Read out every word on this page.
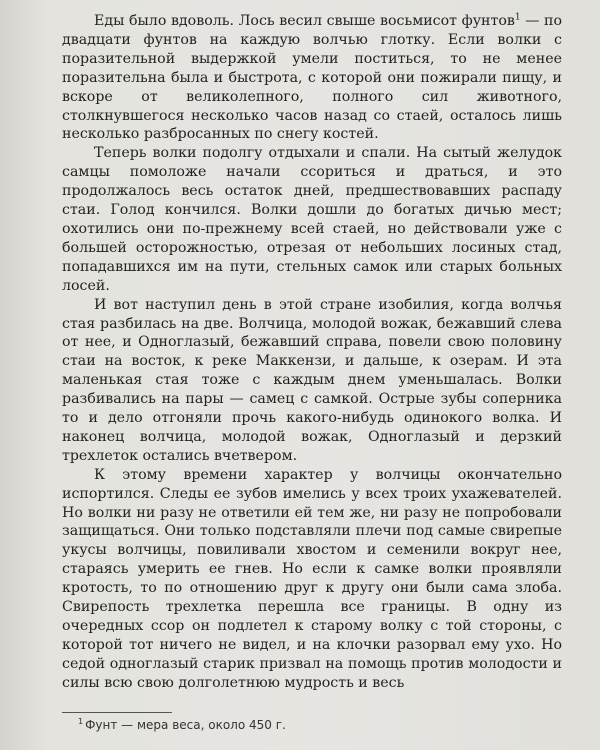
Еды было вдоволь. Лось весил свыше восьмисот фунтов$^1$ — по двадцати фунтов на каждую волчью глотку. Если волки с поразительной выдержкой умели поститься, то не менее поразительна была и быстрота, с которой они пожирали пищу, и вскоре от великолепного, полного сил животного, столкнувшегося несколько часов назад со стаей, осталось лишь несколько разбросанных по снегу костей.

Теперь волки подолгу отдыхали и спали. На сытый желудок самцы помоложе начали ссориться и драться, и это продолжалось весь остаток дней, предшествовавших распаду стаи. Голод кончился. Волки дошли до богатых дичью мест; охотились они по-прежнему всей стаей, но действовали уже с большей осторожностью, отрезая от небольших лосиных стад, попадавшихся им на пути, стельных самок или старых больных лосей.

И вот наступил день в этой стране изобилия, когда волчья стая разбилась на две. Волчица, молодой вожак, бежавший слева от нее, и Одноглазый, бежавший справа, повели свою половину стаи на восток, к реке Маккензи, и дальше, к озерам. И эта маленькая стая тоже с каждым днем уменьшалась. Волки разбивались на пары — самец с самкой. Острые зубы соперника то и дело отгоняли прочь какого-нибудь одинокого волка. И наконец волчица, молодой вожак, Одноглазый и дерзкий трехлеток остались вчетвером.

К этому времени характер у волчицы окончательно испортился. Следы ее зубов имелись у всех троих ухажевателей. Но волки ни разу не ответили ей тем же, ни разу не попробовали защищаться. Они только подставляли плечи под самые свирепые укусы волчицы, повиливали хвостом и семенили вокруг нее, стараясь умерить ее гнев. Но если к самке волки проявляли кротость, то по отношению друг к другу они были сама злоба. Свирепость трехлетка перешла все границы. В одну из очередных ссор он подлетел к старому волку с той стороны, с которой тот ничего не видел, и на клочки разорвал ему ухо. Но седой одноглазый старик призвал на помощь против молодости и силы всю свою долголетнюю мудрость и весь

$^1$ Фунт — мера веса, около 450 г.
